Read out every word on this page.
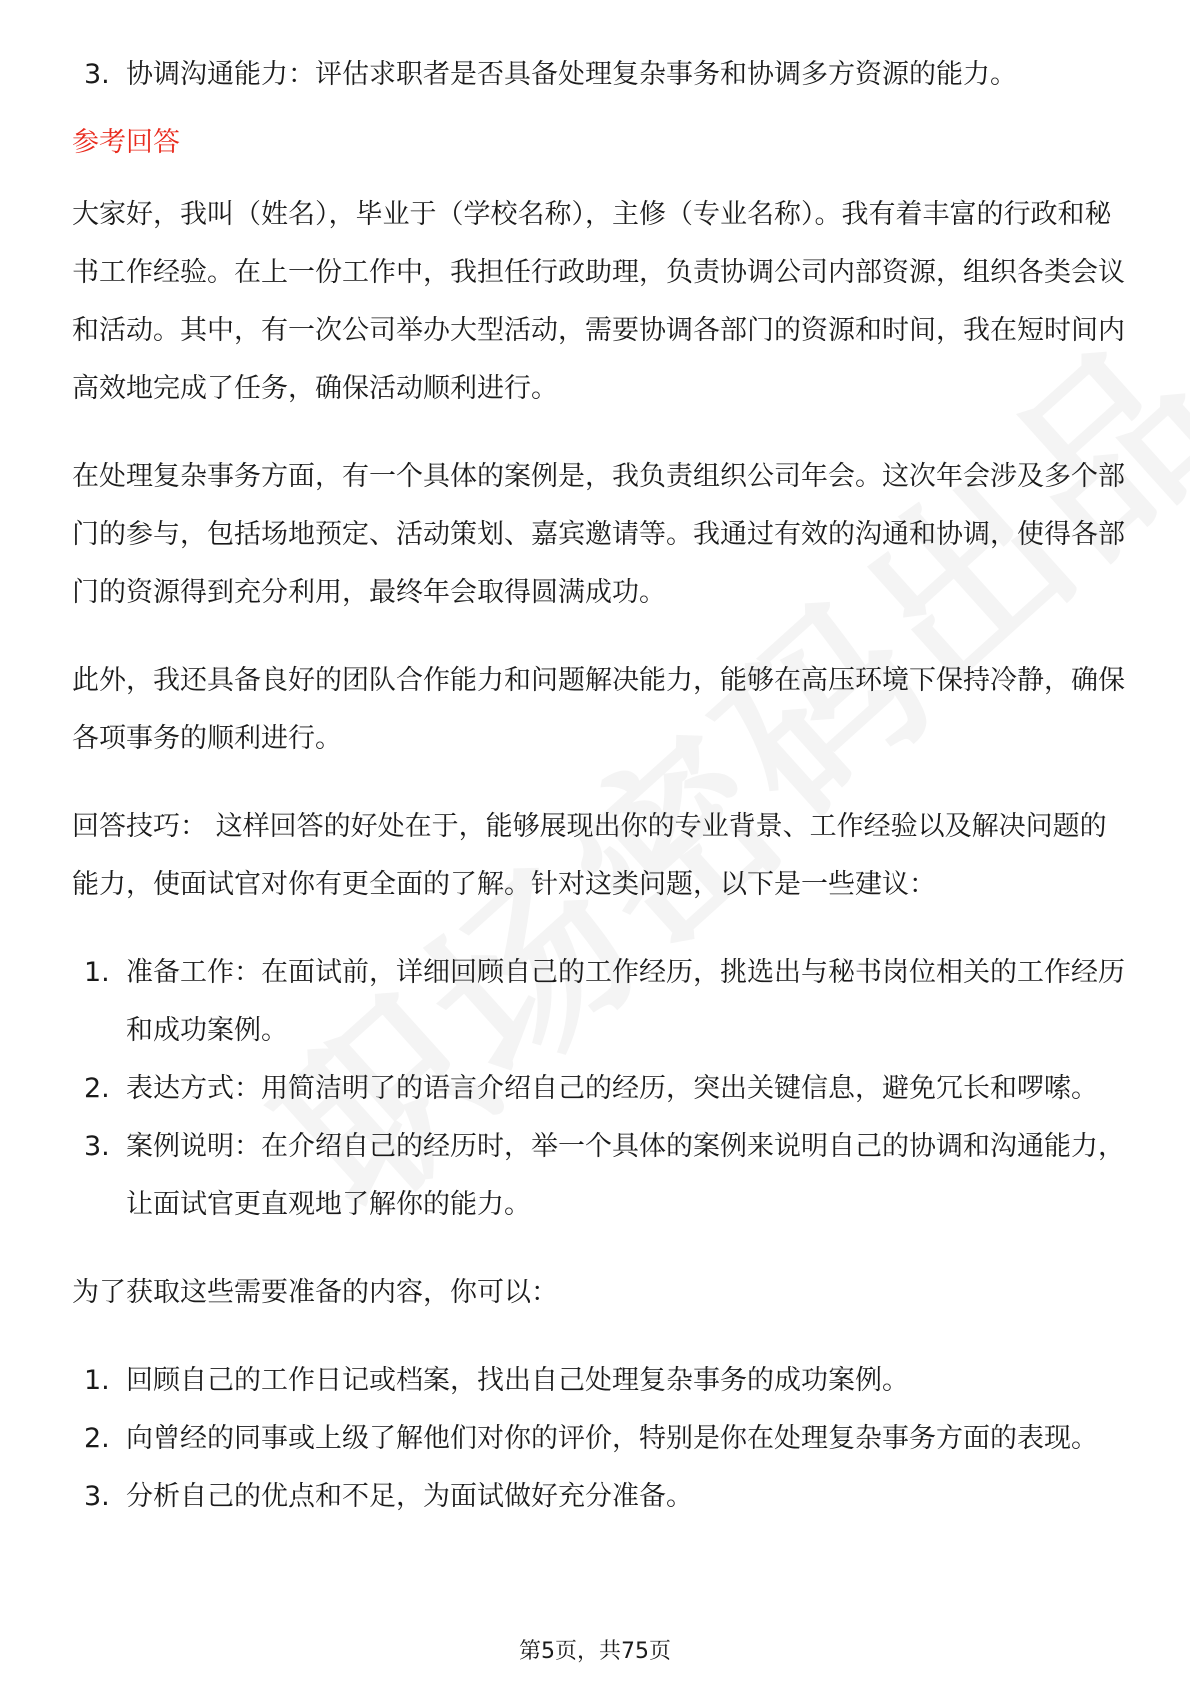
3. 协调沟通能力：评估求职者是否具备处理复杂事务和协调多方资源的能力。
参考回答

大家好，我叫（姓名），毕业于（学校名称），主修（专业名称）。我有着丰富的行政和秘书工作经验。在上一份工作中，我担任行政助理，负责协调公司内部资源，组织各类会议和活动。其中，有一次公司举办大型活动，需要协调各部门的资源和时间，我在短时间内高效地完成了任务，确保活动顺利进行。

在处理复杂事务方面，有一个具体的案例是，我负责组织公司年会。这次年会涉及多个部门的参与，包括场地预定、活动策划、嘉宾邀请等。我通过有效的沟通和协调，使得各部门的资源得到充分利用，最终年会取得圆满成功。

此外，我还具备良好的团队合作能力和问题解决能力，能够在高压环境下保持冷静，确保各项事务的顺利进行。

回答技巧： 这样回答的好处在于，能够展现出你的专业背景、工作经验以及解决问题的能力，使面试官对你有更全面的了解。针对这类问题，以下是一些建议：

1. 准备工作：在面试前，详细回顾自己的工作经历，挑选出与秘书岗位相关的工作经历和成功案例。
2. 表达方式：用简洁明了的语言介绍自己的经历，突出关键信息，避免冗长和啰嗦。
3. 案例说明：在介绍自己的经历时，举一个具体的案例来说明自己的协调和沟通能力，让面试官更直观地了解你的能力。

为了获取这些需要准备的内容，你可以：

1. 回顾自己的工作日记或档案，找出自己处理复杂事务的成功案例。
2. 向曾经的同事或上级了解他们对你的评价，特别是你在处理复杂事务方面的表现。
3. 分析自己的优点和不足，为面试做好充分准备。
第5页，共75页
